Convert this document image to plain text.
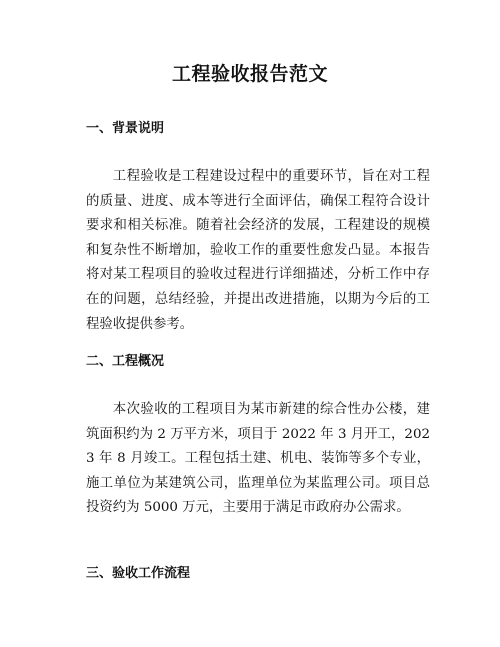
工程验收报告范文
一、背景说明

工程验收是工程建设过程中的重要环节，旨在对工程的质量、进度、成本等进行全面评估，确保工程符合设计要求和相关标准。随着社会经济的发展，工程建设的规模和复杂性不断增加，验收工作的重要性愈发凸显。本报告将对某工程项目的验收过程进行详细描述，分析工作中存在的问题，总结经验，并提出改进措施，以期为今后的工程验收提供参考。

二、工程概况

本次验收的工程项目为某市新建的综合性办公楼，建筑面积约为 2 万平方米，项目于 2022 年 3 月开工，2023 年 8 月竣工。工程包括土建、机电、装饰等多个专业，施工单位为某建筑公司，监理单位为某监理公司。项目总投资约为 5000 万元，主要用于满足市政府办公需求。

三、验收工作流程
